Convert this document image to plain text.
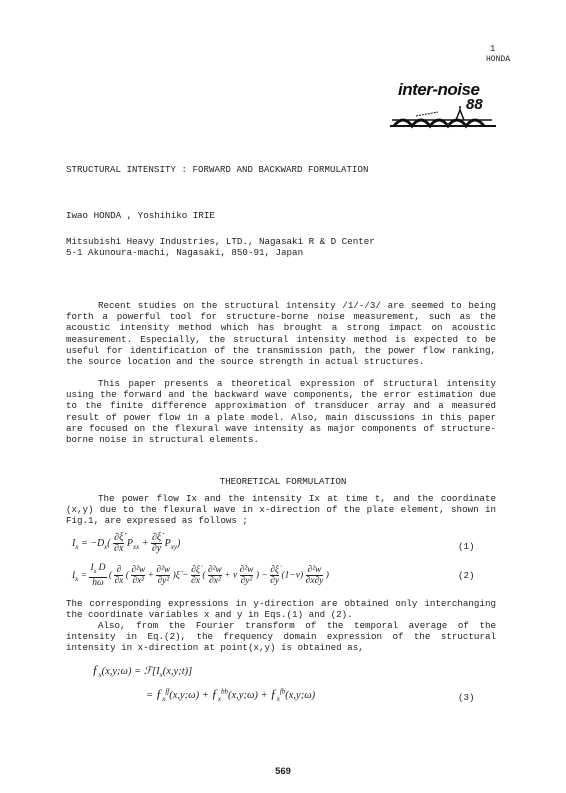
1
HONDA
inter-noise
88
STRUCTURAL INTENSITY : FORWARD AND BACKWARD FORMULATION
Iwao HONDA , Yoshihiko IRIE
Mitsubishi Heavy Industries, LTD., Nagasaki R & D Center
5-1 Akunoura-machi, Nagasaki, 850-91, Japan
Recent studies on the structural intensity /1/-/3/ are seemed to being forth a powerful tool for structure-borne noise measurement, such as the acoustic intensity method which has brought a strong impact on acoustic measurement. Especially, the structural intensity method is expected to be useful for identification of the transmission path, the power flow ranking, the source location and the source strength in actual structures.
This paper presents a theoretical expression of structural intensity using the forward and the backward wave components, the error estimation due to the finite difference approximation of transducer array and a measured result of power flow in a plate model. Also, main discussions in this paper are focused on the flexural wave intensity as major components of structure-borne noise in structural elements.
THEORETICAL FORMULATION
The power flow Ix and the intensity Ix at time t, and the coordinate (x,y) due to the flexural wave in x-direction of the plate element, shown in Fig.1, are expressed as follows ;
$I_x = -D_x( \frac{\partial\xi̇}{\partial x} P_{xx} + \frac{\partial\xi̇}{\partial y} P_{xy})$	(1)
$I_x = \frac{I_x D}{h\omega}$ (
∂
∂x
( $\frac{\text{∂²w}}{\text{∂x²}} + \frac{\text{∂²w}}{\text{∂y²}}$ )ξ̇ − $\frac{\partial\xi̇}{\partial x}$ ( $\frac{\text{∂²w}}{\text{∂x²}} + \nu \frac{\text{∂²w}}{\text{∂y²}}$ ) − $\frac{\partial\xi̇}{\partial y} (1-\nu) \frac{\text{∂²w}}{\partial x\partial y}$ )	(2)
The corresponding expressions in y-direction are obtained only interchanging the coordinate variables x and y in Eqs.(1) and (2).
Also, from the Fourier transform of the temporal average of the intensity in Eq.(2), the frequency domain expression of the structural intensity in x-direction at point(x,y) is obtained as,
$ƒ_x(x,y;\omega)$ = $ℱ[I_x(x,y;t)]$
= $ƒ_x^{ff}(x,y;\omega)$ + $ƒ_x^{bb}(x,y;\omega)$ + $ƒ_x^{fb}(x,y;\omega)$	(3)
569
